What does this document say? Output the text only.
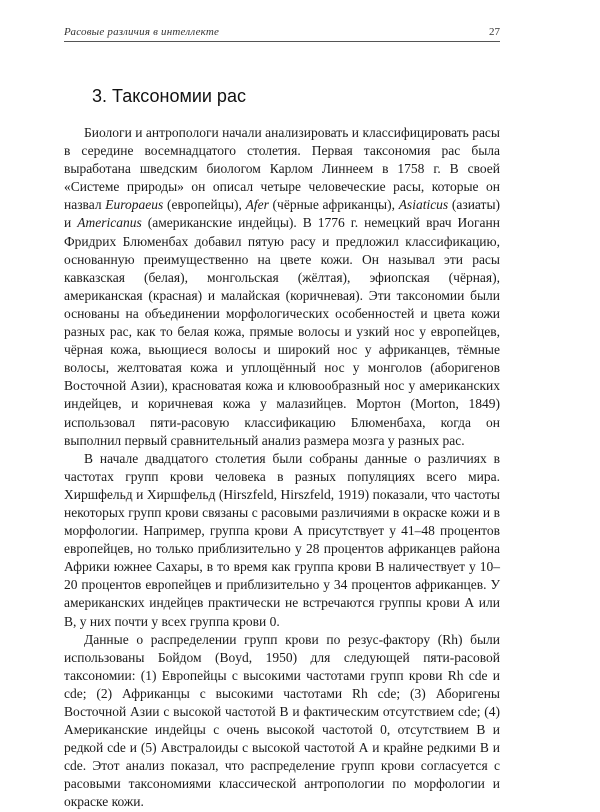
Расовые различия в интеллекте	27
3. Таксономии рас

Биологи и антропологи начали анализировать и классифицировать расы в середине восемнадцатого столетия. Первая таксономия рас была выработана шведским биологом Карлом Линнеем в 1758 г. В своей «Системе природы» он описал четыре человеческие расы, которые он назвал Europaeus (европейцы), Afer (чёрные африканцы), Asiaticus (азиаты) и Americanus (американские индейцы). В 1776 г. немецкий врач Иоганн Фридрих Блюменбах добавил пятую расу и предложил классификацию, основанную преимущественно на цвете кожи. Он называл эти расы кавказская (белая), монгольская (жёлтая), эфиопская (чёрная), американская (красная) и малайская (коричневая). Эти таксономии были основаны на объединении морфологических особенностей и цвета кожи разных рас, как то белая кожа, прямые волосы и узкий нос у европейцев, чёрная кожа, вьющиеся волосы и широкий нос у африканцев, тёмные волосы, желтоватая кожа и уплощённый нос у монголов (аборигенов Восточной Азии), красноватая кожа и клювообразный нос у американских индейцев, и коричневая кожа у малазийцев. Мортон (Morton, 1849) использовал пяти-расовую классификацию Блюменбаха, когда он выполнил первый сравнительный анализ размера мозга у разных рас.

В начале двадцатого столетия были собраны данные о различиях в частотах групп крови человека в разных популяциях всего мира. Хиршфельд и Хиршфельд (Hirszfeld, Hirszfeld, 1919) показали, что частоты некоторых групп крови связаны с расовыми различиями в окраске кожи и в морфологии. Например, группа крови А присутствует у 41–48 процентов европейцев, но только приблизительно у 28 процентов африканцев района Африки южнее Сахары, в то время как группа крови В наличествует у 10–20 процентов европейцев и приблизительно у 34 процентов африканцев. У американских индейцев практически не встречаются группы крови А или В, у них почти у всех группа крови 0.

Данные о распределении групп крови по резус-фактору (Rh) были использованы Бойдом (Boyd, 1950) для следующей пяти-расовой таксономии: (1) Европейцы с высокими частотами групп крови Rh cde и cde; (2) Африканцы с высокими частотами Rh cde; (3) Аборигены Восточной Азии с высокой частотой В и фактическим отсутствием cde; (4) Американские индейцы с очень высокой частотой 0, отсутствием В и редкой cde и (5) Австралоиды с высокой частотой А и крайне редкими В и cde. Этот анализ показал, что распределение групп крови согласуется с расовыми таксономиями классической антропологии по морфологии и окраске кожи.
